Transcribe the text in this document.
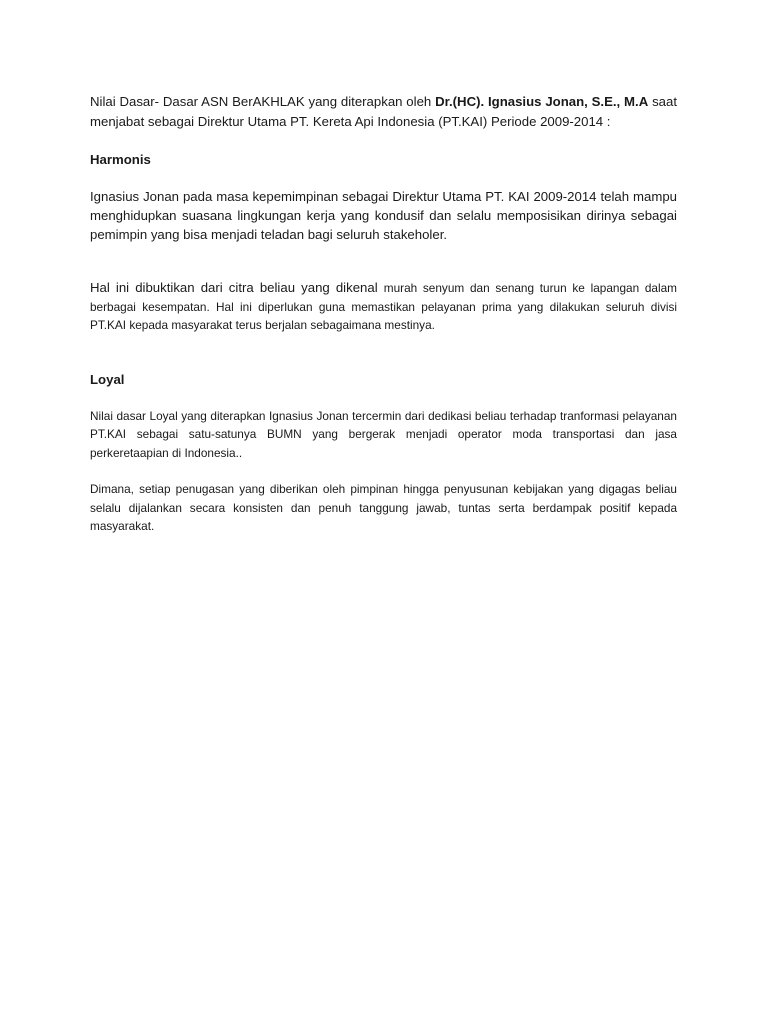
Nilai Dasar- Dasar ASN BerAKHLAK yang diterapkan oleh Dr.(HC). Ignasius Jonan, S.E., M.A saat menjabat sebagai Direktur Utama PT. Kereta Api Indonesia (PT.KAI) Periode 2009-2014 :

Harmonis

Ignasius Jonan pada masa kepemimpinan sebagai Direktur Utama PT. KAI 2009-2014 telah mampu menghidupkan suasana lingkungan kerja yang kondusif dan selalu memposisikan dirinya sebagai pemimpin yang bisa menjadi teladan bagi seluruh stakeholer.

Hal ini dibuktikan dari citra beliau yang dikenal murah senyum dan senang turun ke lapangan dalam berbagai kesempatan. Hal ini diperlukan guna memastikan pelayanan prima yang dilakukan seluruh divisi PT.KAI kepada masyarakat terus berjalan sebagaimana mestinya.

Loyal

Nilai dasar Loyal yang diterapkan Ignasius Jonan tercermin dari dedikasi beliau terhadap tranformasi pelayanan PT.KAI sebagai satu-satunya BUMN yang bergerak menjadi operator moda transportasi dan jasa perkeretaapian di Indonesia..

Dimana, setiap penugasan yang diberikan oleh pimpinan hingga penyusunan kebijakan yang digagas beliau selalu dijalankan secara konsisten dan penuh tanggung jawab, tuntas serta berdampak positif kepada masyarakat.
